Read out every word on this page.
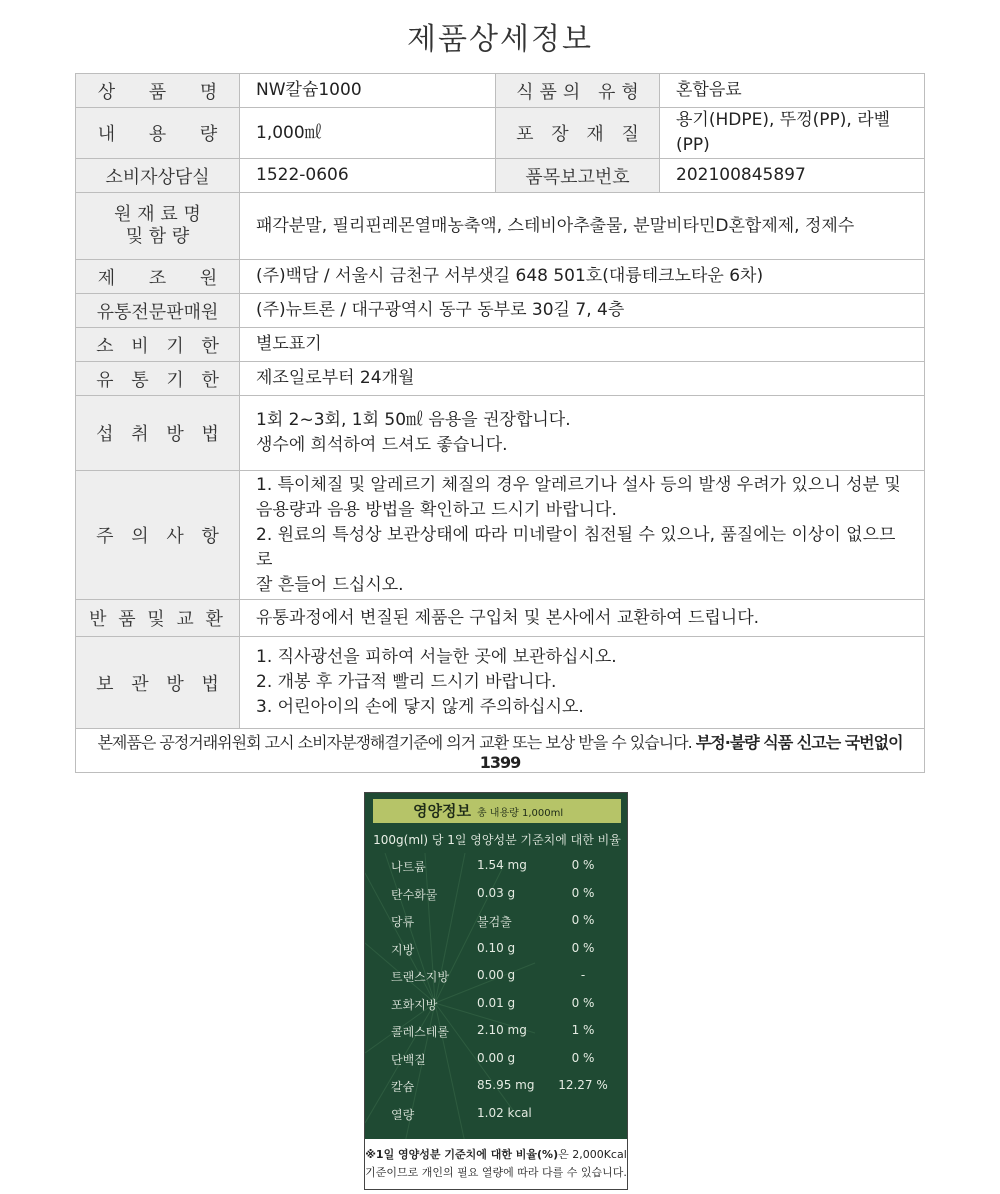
제품상세정보
상 품 명	NW칼슘1000	식품의 유형	혼합음료
내 용 량	1,000㎖	포 장 재 질	용기(HDPE), 뚜껑(PP), 라벨(PP)
소비자상담실	1522-0606	품목보고번호	202100845897

원 재 료 명
및 함 량	패각분말, 필리핀레몬열매농축액, 스테비아추출물, 분말비타민D혼합제제, 정제수		
제 조 원	(주)백담 / 서울시 금천구 서부샛길 648 501호(대륭테크노타운 6차)		
유통전문판매원	(주)뉴트론 / 대구광역시 동구 동부로 30길 7, 4층		
소 비 기 한	별도표기		
유 통 기 한	제조일로부터 24개월		
섭 취 방 법	1회 2~3회, 1회 50㎖ 음용을 권장합니다.
생수에 희석하여 드셔도 좋습니다.		

주 의 사 항	1. 특이체질 및 알레르기 체질의 경우 알레르기나 설사 등의 발생 우려가 있으니 성분 및
음용량과 음용 방법을 확인하고 드시기 바랍니다.
2. 원료의 특성상 보관상태에 따라 미네랄이 침전될 수 있으나, 품질에는 이상이 없으므로
잘 흔들어 드십시오.		

반 품 및 교 환	유통과정에서 변질된 제품은 구입처 및 본사에서 교환하여 드립니다.		
보 관 방 법	1. 직사광선을 피하여 서늘한 곳에 보관하십시오.
2. 개봉 후 가급적 빨리 드시기 바랍니다.
3. 어린아이의 손에 닿지 않게 주의하십시오.		

본제품은 공정거래위원회 고시 소비자분쟁해결기준에 의거 교환 또는 보상 받을 수 있습니다. 부정·불량 식품 신고는 국번없이 1399			
영양정보 총 내용량 1,000ml
100g(ml) 당 1일 영양성분 기준치에 대한 비율
나트륨	1.54 mg	0 %
탄수화물	0.03 g	0 %
당류	불검출	0 %
지방	0.10 g	0 %
트랜스지방 0.00 g	-
포화지방	0.01 g	0 %
콜레스테롤 2.10 mg	1 %
단백질	0.00 g	0 %
칼슘	85.95 mg	12.27 %
열량	1.02 kcal
※1일 영양성분 기준치에 대한 비율(%)은 2,000Kcal
기준이므로 개인의 필요 열량에 따라 다를 수 있습니다.
